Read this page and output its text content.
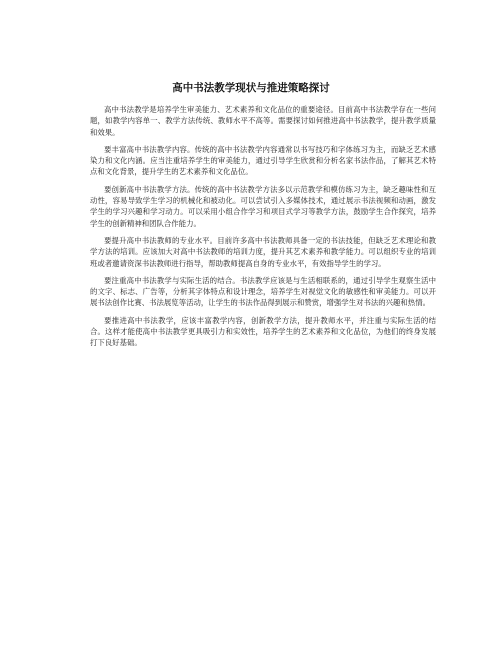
高中书法教学现状与推进策略探讨

高中书法教学是培养学生审美能力、艺术素养和文化品位的重要途径。目前高中书法教学存在一些问题，如教学内容单一、教学方法传统、教师水平不高等。需要探讨如何推进高中书法教学，提升教学质量和效果。

要丰富高中书法教学内容。传统的高中书法教学内容通常以书写技巧和字体练习为主，而缺乏艺术感染力和文化内涵。应当注重培养学生的审美能力，通过引导学生欣赏和分析名家书法作品，了解其艺术特点和文化背景，提升学生的艺术素养和文化品位。

要创新高中书法教学方法。传统的高中书法教学方法多以示范教学和模仿练习为主，缺乏趣味性和互动性，容易导致学生学习的机械化和被动化。可以尝试引入多媒体技术，通过展示书法视频和动画，激发学生的学习兴趣和学习动力。可以采用小组合作学习和项目式学习等教学方法，鼓励学生合作探究，培养学生的创新精神和团队合作能力。

要提升高中书法教师的专业水平。目前许多高中书法教师具备一定的书法技能，但缺乏艺术理论和教学方法的培训。应该加大对高中书法教师的培训力度，提升其艺术素养和教学能力。可以组织专业的培训班或者邀请资深书法教师进行指导，帮助教师提高自身的专业水平，有效指导学生的学习。

要注重高中书法教学与实际生活的结合。书法教学应该是与生活相联系的，通过引导学生观察生活中的文字、标志、广告等，分析其字体特点和设计理念，培养学生对视觉文化的敏感性和审美能力。可以开展书法创作比赛、书法展览等活动，让学生的书法作品得到展示和赞赏，增强学生对书法的兴趣和热情。

要推进高中书法教学，应该丰富教学内容，创新教学方法，提升教师水平，并注重与实际生活的结合。这样才能使高中书法教学更具吸引力和实效性，培养学生的艺术素养和文化品位，为他们的终身发展打下良好基础。
